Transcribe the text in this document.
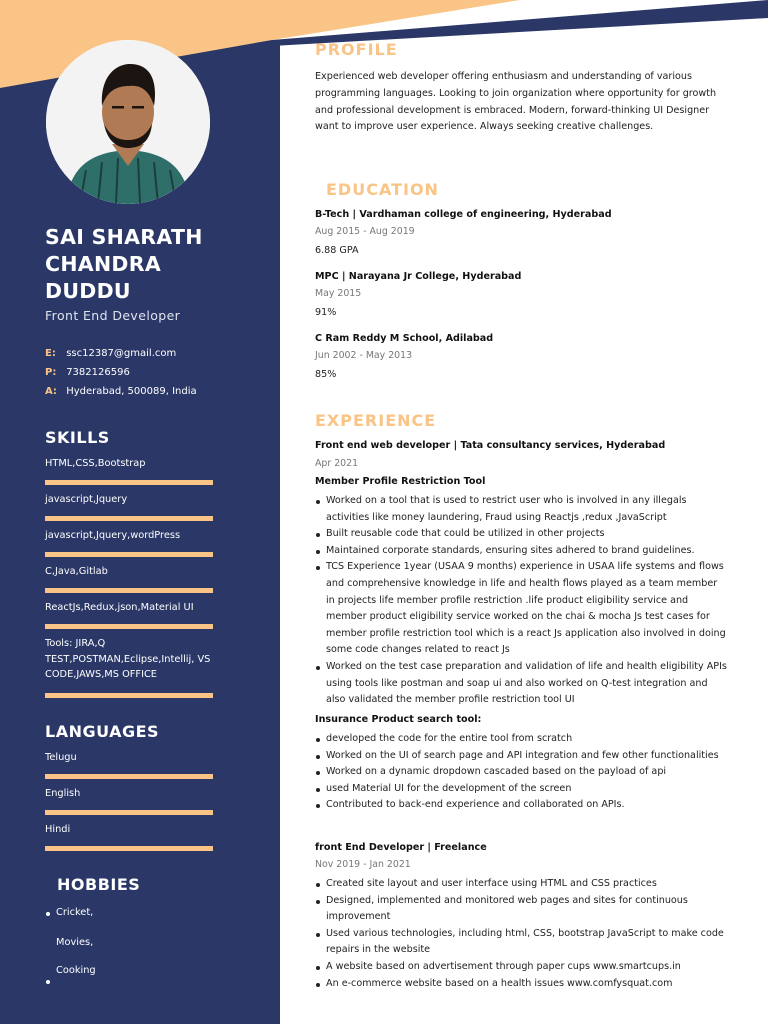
SAI SHARATH
CHANDRA
DUDDU
Front End Developer
E: ssc12387@gmail.com
P: 7382126596
A: Hyderabad, 500089, India
SKILLS
HTML,CSS,Bootstrap
javascript,Jquery
javascript,Jquery,wordPress
C,Java,Gitlab
ReactJs,Redux,json,Material UI
Tools: JIRA,Q TEST,POSTMAN,Eclipse,Intellij, VS CODE,JAWS,MS OFFICE
LANGUAGES
Telugu
English
Hindi
HOBBIES
Cricket,
Movies,
Cooking
PROFILE
Experienced web developer offering enthusiasm and understanding of various programming languages. Looking to join organization where opportunity for growth and professional development is embraced. Modern, forward-thinking UI Designer want to improve user experience. Always seeking creative challenges.
EDUCATION
B-Tech | Vardhaman college of engineering, Hyderabad
Aug 2015 - Aug 2019
6.88 GPA
MPC | Narayana Jr College, Hyderabad
May 2015
91%
C Ram Reddy M School, Adilabad
Jun 2002 - May 2013
85%
EXPERIENCE
Front end web developer | Tata consultancy services, Hyderabad
Apr 2021
Member Profile Restriction Tool
Worked on a tool that is used to restrict user who is involved in any illegals activities like money laundering, Fraud using Reactjs ,redux ,JavaScript
Built reusable code that could be utilized in other projects
Maintained corporate standards, ensuring sites adhered to brand guidelines.
TCS Experience 1year (USAA 9 months) experience in USAA life systems and flows and comprehensive knowledge in life and health flows played as a team member in projects life member profile restriction .life product eligibility service and member product eligibility service worked on the chai & mocha Js test cases for member profile restriction tool which is a react Js application also involved in doing some code changes related to react Js
Worked on the test case preparation and validation of life and health eligibility APIs using tools like postman and soap ui and also worked on Q-test integration and also validated the member profile restriction tool UI
Insurance Product search tool:
developed the code for the entire tool from scratch
Worked on the UI of search page and API integration and few other functionalities
Worked on a dynamic dropdown cascaded based on the payload of api
used Material UI for the development of the screen
Contributed to back-end experience and collaborated on APIs.
front End Developer | Freelance
Nov 2019 - Jan 2021
Created site layout and user interface using HTML and CSS practices
Designed, implemented and monitored web pages and sites for continuous improvement
Used various technologies, including html, CSS, bootstrap JavaScript to make code repairs in the website
A website based on advertisement through paper cups www.smartcups.in
An e-commerce website based on a health issues www.comfysquat.com
